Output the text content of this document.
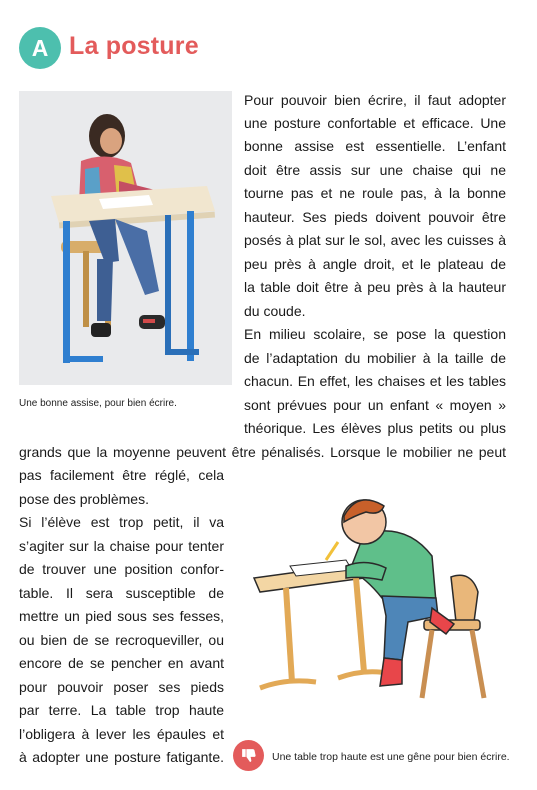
A La posture
Une bonne assise, pour bien écrire.
Pour pouvoir bien écrire, il faut adopter
une posture confortable et efficace. Une
bonne assise est essentielle. L’enfant
doit être assis sur une chaise qui ne
tourne pas et ne roule pas, à la bonne
hauteur. Ses pieds doivent pouvoir être
posés à plat sur le sol, avec les cuisses à
peu près à angle droit, et le plateau de
la table doit être à peu près à la hauteur
du coude.
En milieu scolaire, se pose la question
de l’adaptation du mobilier à la taille de
chacun. En effet, les chaises et les tables
sont prévues pour un enfant « moyen »
théorique. Les élèves plus petits ou plus
grands que la moyenne peuvent être pénalisés. Lorsque le mobilier ne peut
pas facilement être réglé, cela
pose des problèmes.
Si l’élève est trop petit, il va
s’agiter sur la chaise pour tenter
de trouver une position confor-
table. Il sera susceptible de
mettre un pied sous ses fesses,
ou bien de se recroqueviller, ou
encore de se pencher en avant
pour pouvoir poser ses pieds
par terre. La table trop haute
l’obligera à lever les épaules et
à adopter une posture fatigante.	Une table trop haute est une gêne pour bien écrire.
